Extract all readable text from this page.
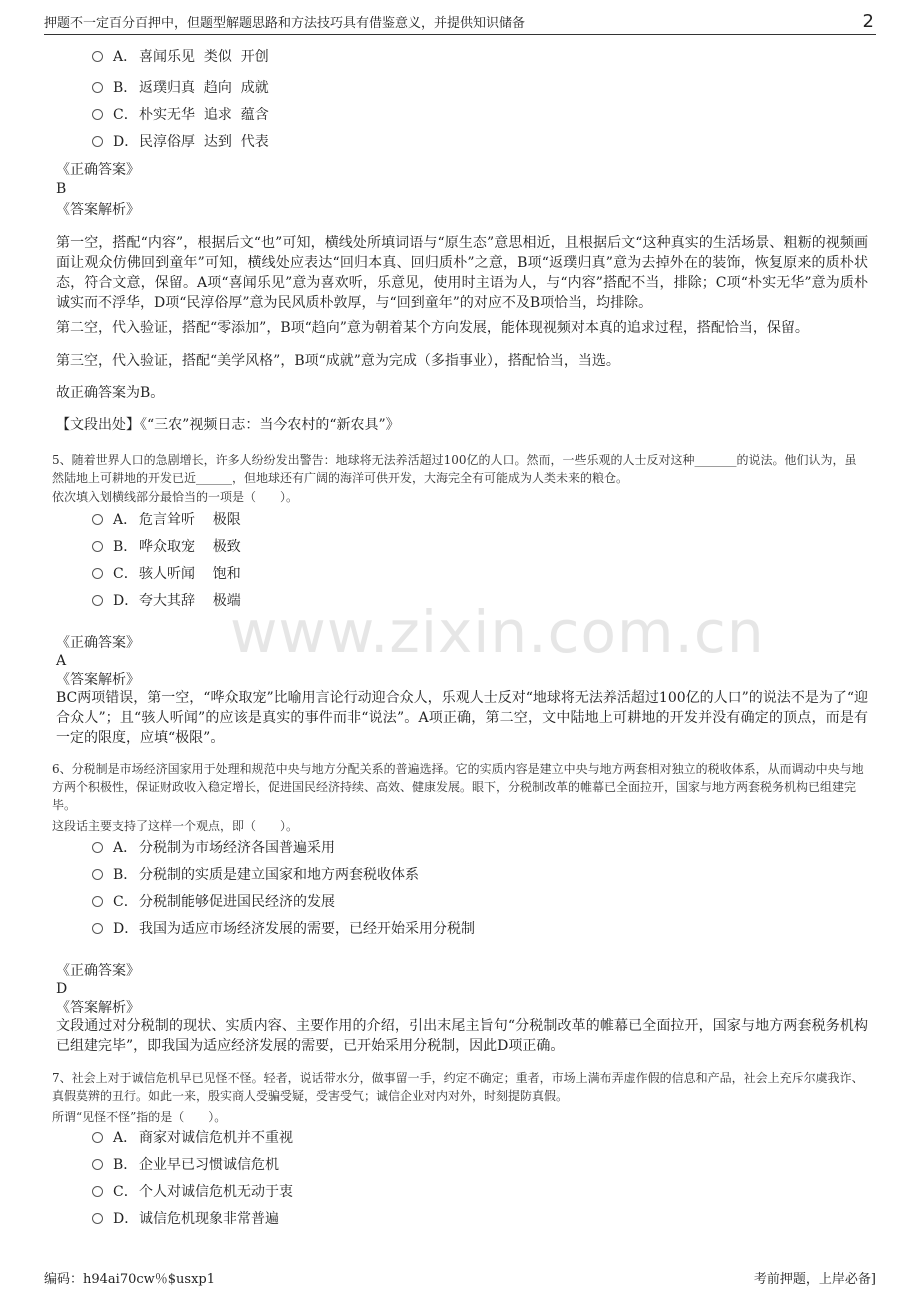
www.zixin.com.cn
押题不一定百分百押中，但题型解题思路和方法技巧具有借鉴意义，并提供知识储备	2
A． 喜闻乐见  类似  开创
B． 返璞归真  趋向  成就
C．朴实无华  追求  蕴含
D．民淳俗厚  达到  代表
《正确答案》
B
《答案解析》
第一空，搭配“内容”，根据后文“也”可知，横线处所填词语与“原生态”意思相近，且根据后文“这种真实的生活场景、粗粝的视频画面让观众仿佛回到童年”可知，横线处应表达“回归本真、回归质朴”之意，B项“返璞归真”意为去掉外在的装饰，恢复原来的质朴状态，符合文意，保留。A项“喜闻乐见”意为喜欢听，乐意见，使用时主语为人，与“内容”搭配不当，排除；C项“朴实无华”意为质朴诚实而不浮华，D项“民淳俗厚”意为民风质朴敦厚，与“回到童年”的对应不及B项恰当，均排除。
第二空，代入验证，搭配“零添加”，B项“趋向”意为朝着某个方向发展，能体现视频对本真的追求过程，搭配恰当，保留。
第三空，代入验证，搭配“美学风格”，B项“成就”意为完成（多指事业），搭配恰当，当选。
故正确答案为B。
【文段出处】《“三农”视频日志：当今农村的“新农具”》
5、随着世界人口的急剧增长，许多人纷纷发出警告：地球将无法养活超过100亿的人口。然而，一些乐观的人士反对这种_______的说法。他们认为，虽然陆地上可耕地的开发已近______，但地球还有广阔的海洋可供开发，大海完全有可能成为人类未来的粮仓。
依次填入划横线部分最恰当的一项是（　　）。
A． 危言耸听    极限
B． 哗众取宠    极致
C．骇人听闻    饱和
D．夸大其辞    极端
《正确答案》
A
《答案解析》
BC两项错误，第一空，“哗众取宠”比喻用言论行动迎合众人，乐观人士反对“地球将无法养活超过100亿的人口”的说法不是为了“迎合众人”；且“骇人听闻”的应该是真实的事件而非“说法”。A项正确，第二空，文中陆地上可耕地的开发并没有确定的顶点，而是有一定的限度，应填“极限”。
6、分税制是市场经济国家用于处理和规范中央与地方分配关系的普遍选择。它的实质内容是建立中央与地方两套相对独立的税收体系，从而调动中央与地方两个积极性，保证财政收入稳定增长，促进国民经济持续、高效、健康发展。眼下，分税制改革的帷幕已全面拉开，国家与地方两套税务机构已组建完毕。
这段话主要支持了这样一个观点，即（　　）。
A． 分税制为市场经济各国普遍采用
B． 分税制的实质是建立国家和地方两套税收体系
C．分税制能够促进国民经济的发展
D．我国为适应市场经济发展的需要，已经开始采用分税制
《正确答案》
D
《答案解析》
文段通过对分税制的现状、实质内容、主要作用的介绍，引出末尾主旨句“分税制改革的帷幕已全面拉开，国家与地方两套税务机构已组建完毕”，即我国为适应经济发展的需要，已开始采用分税制，因此D项正确。
7、社会上对于诚信危机早已见怪不怪。轻者，说话带水分，做事留一手，约定不确定；重者，市场上满布弄虚作假的信息和产品，社会上充斥尔虞我诈、真假莫辨的丑行。如此一来，殷实商人受骗受疑，受害受气；诚信企业对内对外，时刻提防真假。
所谓“见怪不怪”指的是（　　）。
A． 商家对诚信危机并不重视
B． 企业早已习惯诚信危机
C．个人对诚信危机无动于衷
D．诚信危机现象非常普遍
编码：h94ai70cw％$usxp1	考前押题，上岸必备]
